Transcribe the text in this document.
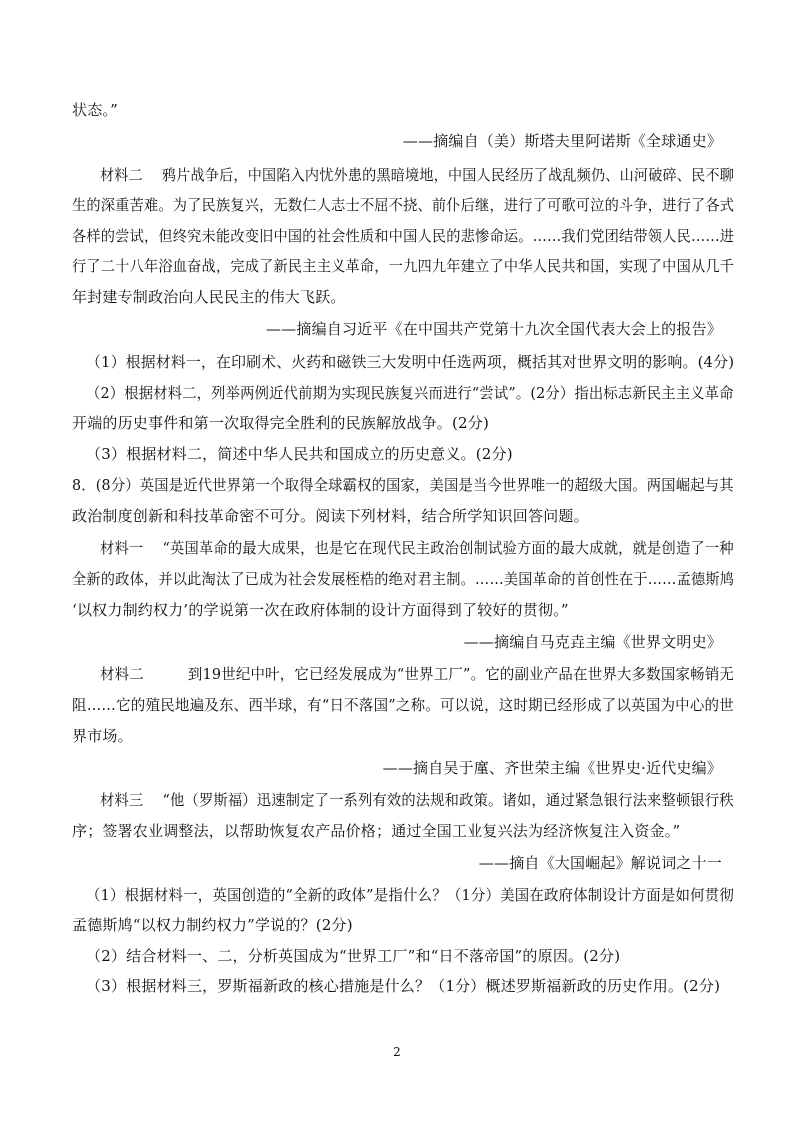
状态。”
——摘编自（美）斯塔夫里阿诺斯《全球通史》
材料二　 鸦片战争后，中国陷入内忧外患的黑暗境地，中国人民经历了战乱频仍、山河破碎、民不聊
生的深重苦难。为了民族复兴，无数仁人志士不屈不挠、前仆后继，进行了可歌可泣的斗争，进行了各式
各样的尝试，但终究未能改变旧中国的社会性质和中国人民的悲惨命运。……我们党团结带领人民……进
行了二十八年浴血奋战，完成了新民主主义革命，一九四九年建立了中华人民共和国，实现了中国从几千
年封建专制政治向人民民主的伟大飞跃。
——摘编自习近平《在中国共产党第十九次全国代表大会上的报告》
（1）根据材料一，在印刷术、火药和磁铁三大发明中任选两项，概括其对世界文明的影响。(4分)
（2）根据材料二，列举两例近代前期为实现民族复兴而进行“尝试”。(2分）指出标志新民主主义革命
开端的历史事件和第一次取得完全胜利的民族解放战争。(2分)
（3）根据材料二，简述中华人民共和国成立的历史意义。(2分)
8．(8分）英国是近代世界第一个取得全球霸权的国家，美国是当今世界唯一的超级大国。两国崛起与其
政治制度创新和科技革命密不可分。阅读下列材料，结合所学知识回答问题。
材料一　 “英国革命的最大成果，也是它在现代民主政治创制试验方面的最大成就，就是创造了一种
全新的政体，并以此淘汰了已成为社会发展桎梏的绝对君主制。……美国革命的首创性在于……孟德斯鸠
‘以权力制约权力’的学说第一次在政府体制的设计方面得到了较好的贯彻。”
——摘编自马克垚主编《世界文明史》
材料二　　　到19世纪中叶，它已经发展成为“世界工厂”。它的副业产品在世界大多数国家畅销无
阻……它的殖民地遍及东、西半球，有“日不落国”之称。可以说，这时期已经形成了以英国为中心的世
界市场。
——摘自吴于廑、齐世荣主编《世界史·近代史编》
材料三　 “他（罗斯福）迅速制定了一系列有效的法规和政策。诸如，通过紧急银行法来整顿银行秩
序；签署农业调整法，以帮助恢复农产品价格；通过全国工业复兴法为经济恢复注入资金。”
——摘自《大国崛起》解说词之十一
（1）根据材料一，英国创造的“全新的政体”是指什么？（1分）美国在政府体制设计方面是如何贯彻
孟德斯鸠“以权力制约权力”学说的？(2分)
（2）结合材料一、二，分析英国成为“世界工厂”和“日不落帝国”的原因。(2分)
（3）根据材料三，罗斯福新政的核心措施是什么？（1分）概述罗斯福新政的历史作用。(2分)
2
